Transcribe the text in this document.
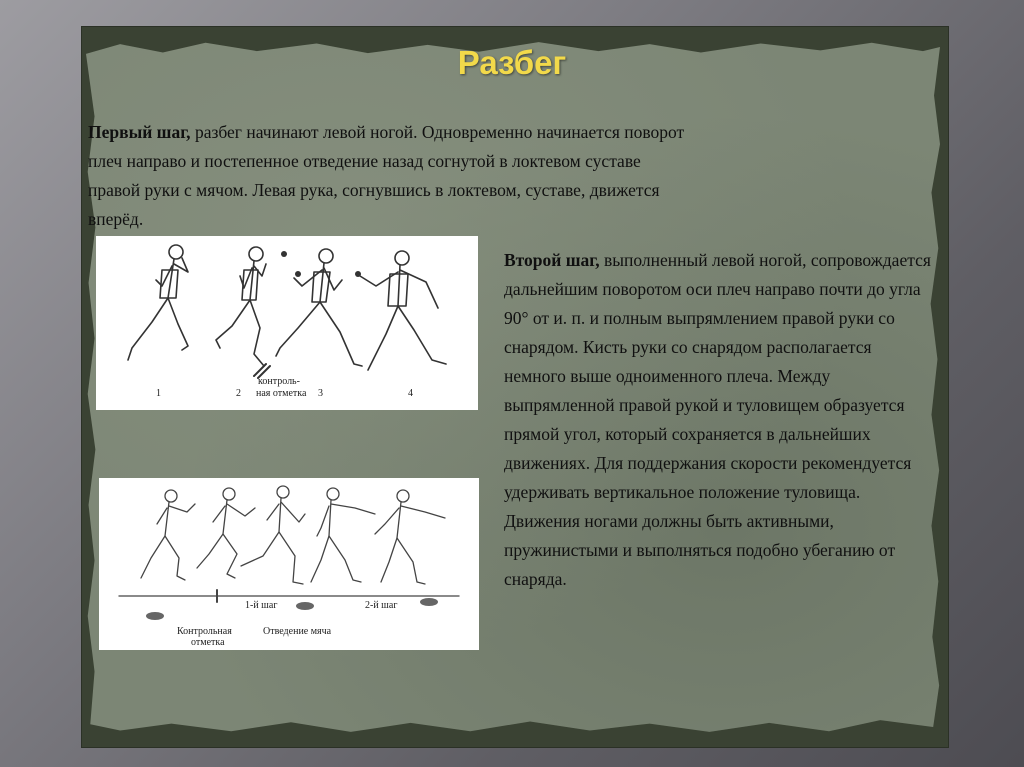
Разбег

Первый шаг, разбег начинают левой ногой. Одновременно начинается поворот плеч направо и постепенное отведение назад согнутой в локтевом суставе правой руки с мячом. Левая рука, согнувшись в локтевом, суставе, движется вперёд.

1	2	3	4
контроль-
ная отметка
1-й шаг	2-й шаг
Контрольная
отметка
Отведение мяча

Второй шаг, выполненный левой ногой, сопровождается дальнейшим поворотом оси плеч направо почти до угла 90° от и. п. и полным выпрямлением правой руки со снарядом. Кисть руки со снарядом располагается немного выше одноименного плеча. Между выпрямленной правой рукой и туловищем образуется прямой угол, который сохраняется в дальнейших движениях. Для поддержания скорости рекомендуется удерживать вертикальное положение туловища. Движения ногами должны быть активными, пружинистыми и выполняться подобно убеганию от снаряда.
